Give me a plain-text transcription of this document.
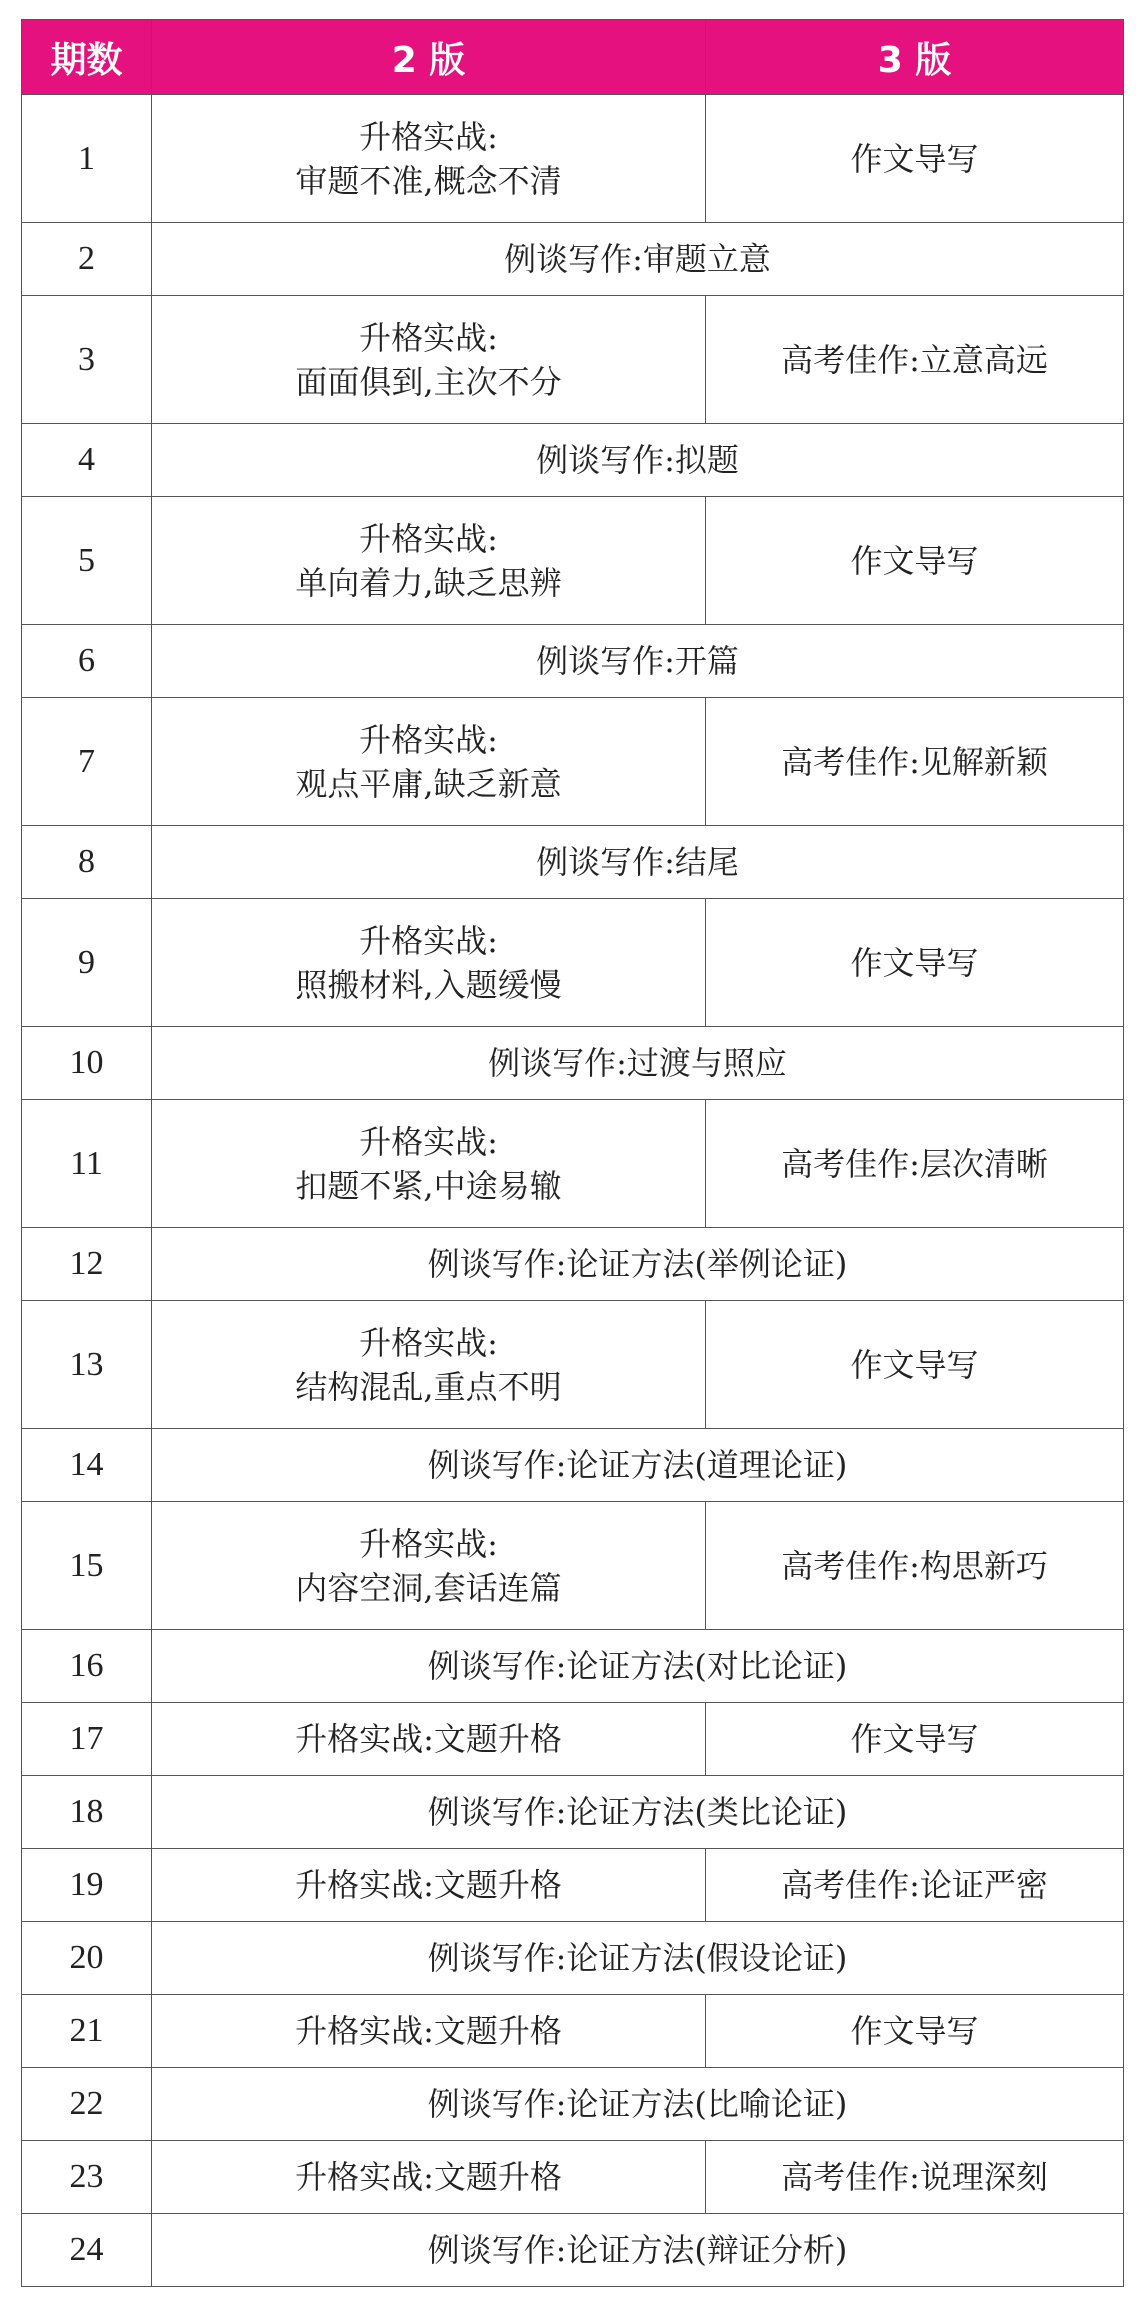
期数	2 版	3 版
1	升格实战:
审题不准,概念不清	作文导写
2	例谈写作:审题立意	
3	升格实战:
面面俱到,主次不分	高考佳作:立意高远
4	例谈写作:拟题	
5	升格实战:
单向着力,缺乏思辨	作文导写
6	例谈写作:开篇	
7	升格实战:
观点平庸,缺乏新意	高考佳作:见解新颖
8	例谈写作:结尾	
9	升格实战:
照搬材料,入题缓慢	作文导写
10	例谈写作:过渡与照应	
11	升格实战:
扣题不紧,中途易辙	高考佳作:层次清晰
12	例谈写作:论证方法(举例论证)	
13	升格实战:
结构混乱,重点不明	作文导写
14	例谈写作:论证方法(道理论证)	
15	升格实战:
内容空洞,套话连篇	高考佳作:构思新巧
16	例谈写作:论证方法(对比论证)	
17	升格实战:文题升格	作文导写
18	例谈写作:论证方法(类比论证)	
19	升格实战:文题升格	高考佳作:论证严密
20	例谈写作:论证方法(假设论证)	
21	升格实战:文题升格	作文导写
22	例谈写作:论证方法(比喻论证)	
23	升格实战:文题升格	高考佳作:说理深刻
24	例谈写作:论证方法(辩证分析)	
